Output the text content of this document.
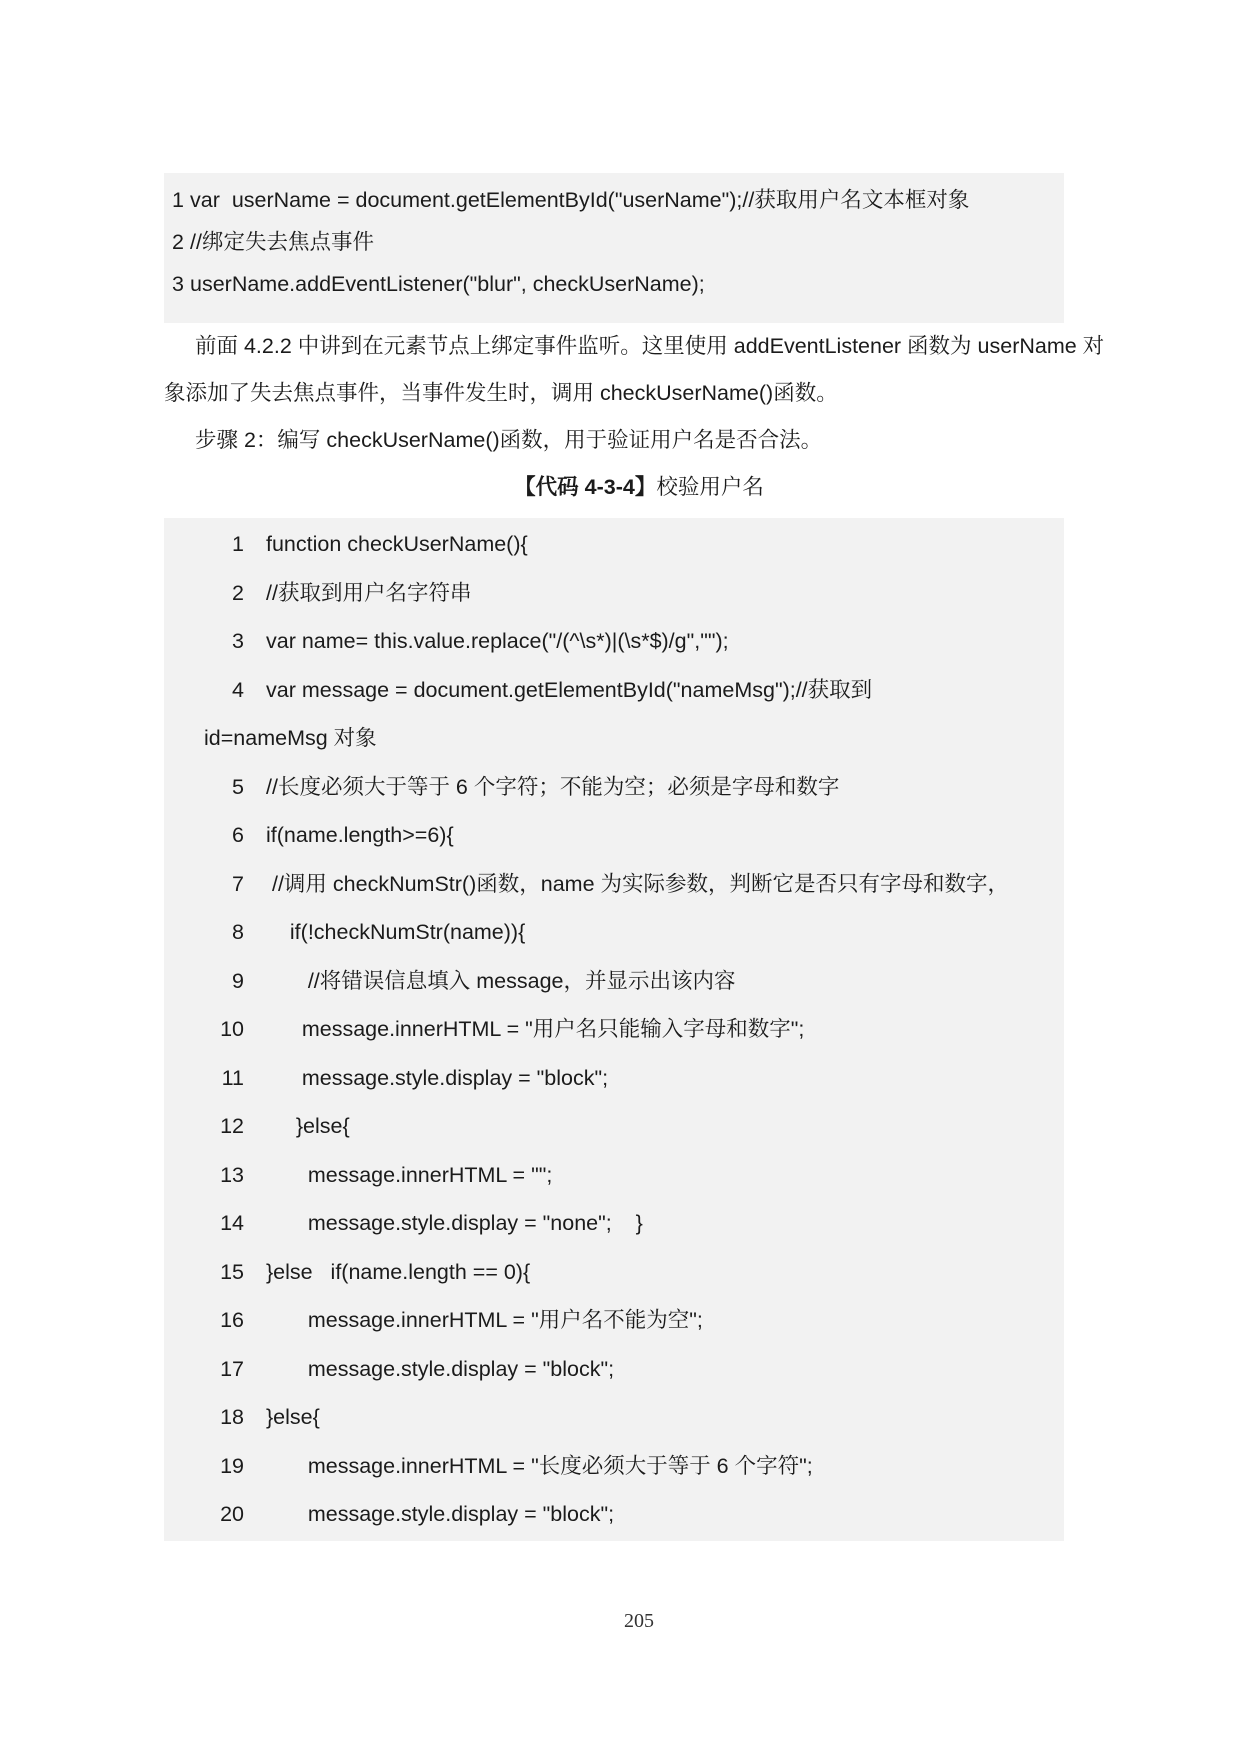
1 var  userName = document.getElementById("userName");//获取用户名文本框对象
2 //绑定失去焦点事件
3 userName.addEventListener("blur", checkUserName);

前面 4.2.2 中讲到在元素节点上绑定事件监听。这里使用 addEventListener 函数为 userName 对象添加了失去焦点事件，当事件发生时，调用 checkUserName()函数。

步骤 2：编写 checkUserName()函数，用于验证用户名是否合法。

【代码 4-3-4】校验用户名
1 function checkUserName(){
2 //获取到用户名字符串
3 var name= this.value.replace("/(^\s*)|(\s*$)/g","");
4 var message = document.getElementById("nameMsg");//获取到
id=nameMsg 对象
5 //长度必须大于等于 6 个字符；不能为空；必须是字母和数字
6 if(name.length>=6){
7 //调用 checkNumStr()函数，name 为实际参数，判断它是否只有字母和数字，
8 if(!checkNumStr(name)){
9 //将错误信息填入 message，并显示出该内容
10 message.innerHTML = "用户名只能输入字母和数字";
11 message.style.display = "block";
12 }else{
13 message.innerHTML = "";
14 message.style.display = "none";    }
15 }else   if(name.length == 0){
16 message.innerHTML = "用户名不能为空";
17 message.style.display = "block";
18 }else{
19 message.innerHTML = "长度必须大于等于 6 个字符";
20 message.style.display = "block";
205
